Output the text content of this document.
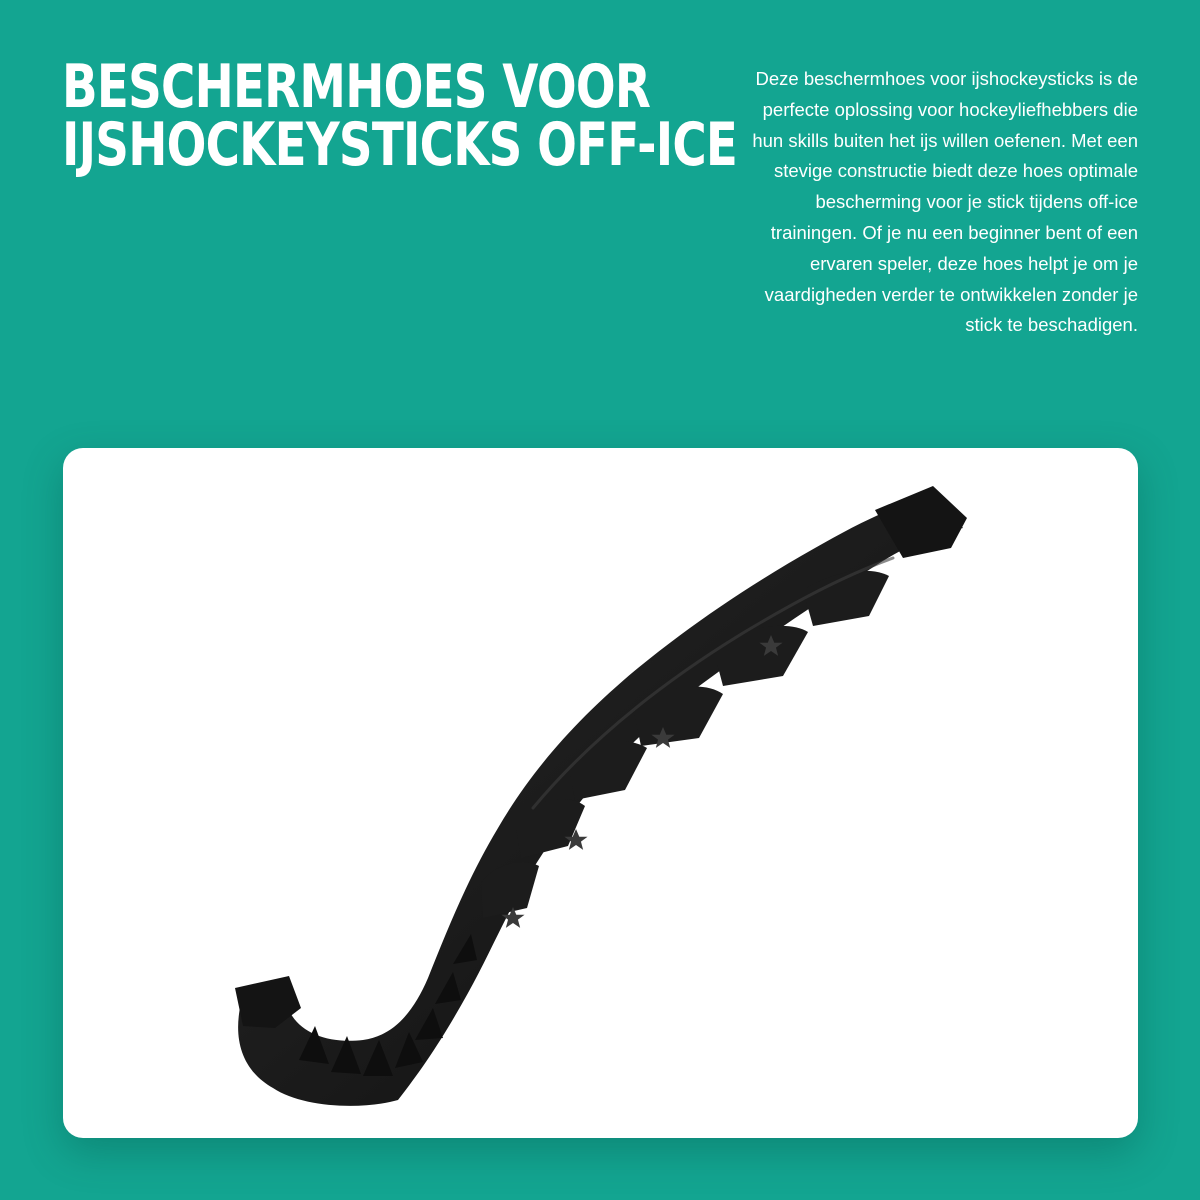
BESCHERMHOES VOOR
IJSHOCKEYSTICKS OFF-ICE

Deze beschermhoes voor ijshockeysticks is de perfecte oplossing voor hockeyliefhebbers die hun skills buiten het ijs willen oefenen. Met een stevige constructie biedt deze hoes optimale bescherming voor je stick tijdens off-ice trainingen. Of je nu een beginner bent of een ervaren speler, deze hoes helpt je om je vaardigheden verder te ontwikkelen zonder je stick te beschadigen.
